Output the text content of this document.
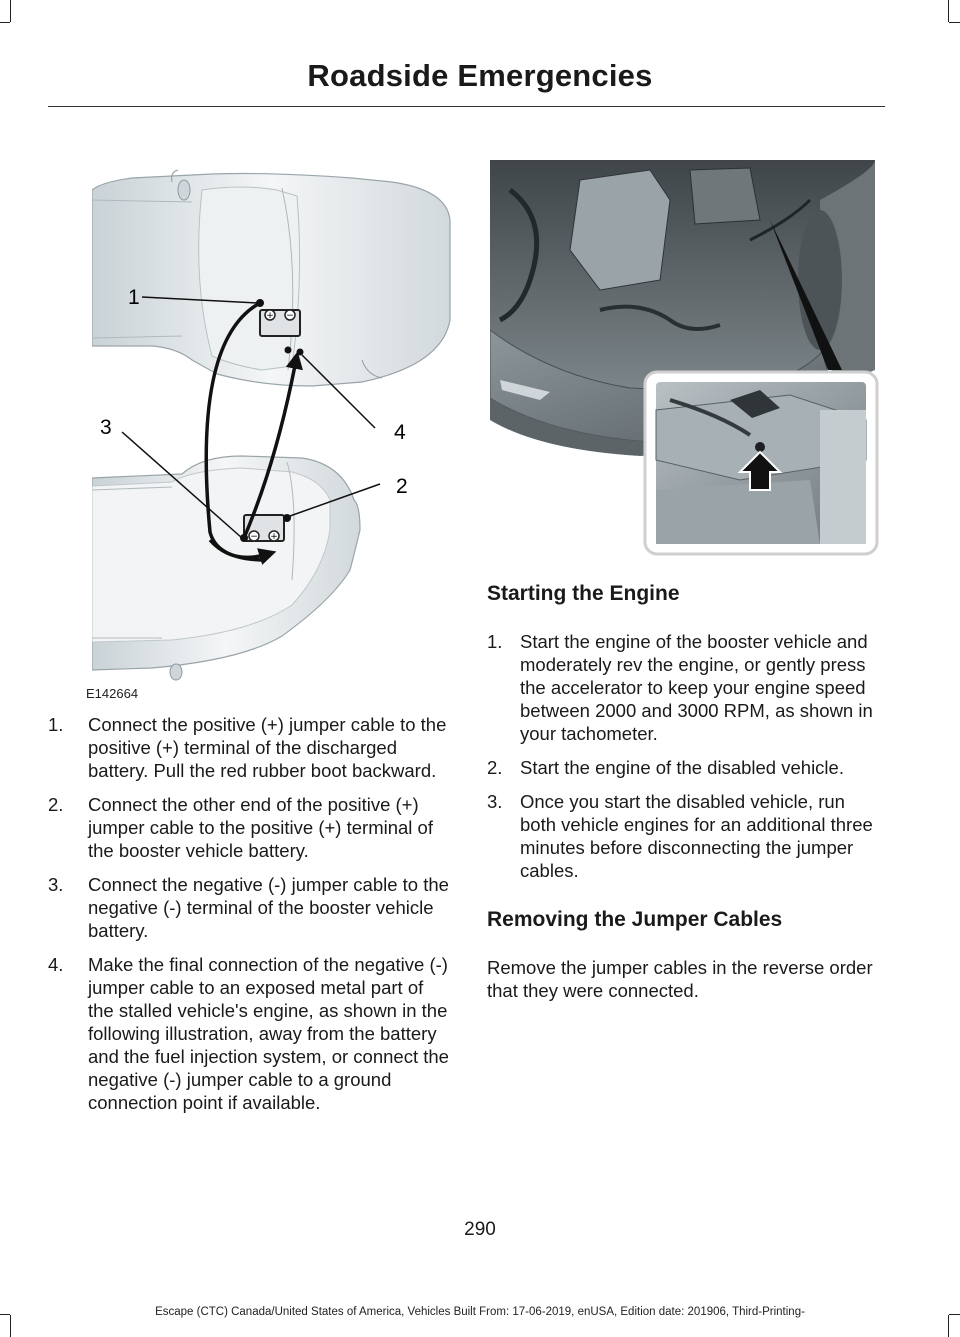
Roadside Emergencies
+ −
− +
1
2
3	4
E142664
1. Connect the positive (+) jumper cable to the positive (+) terminal of the discharged battery. Pull the red rubber boot backward.
2. Connect the other end of the positive (+) jumper cable to the positive (+) terminal of the booster vehicle battery.
3. Connect the negative (-) jumper cable to the negative (-) terminal of the booster vehicle battery.
4. Make the final connection of the negative (-) jumper cable to an exposed metal part of the stalled vehicle's engine, as shown in the following illustration, away from the battery and the fuel injection system, or connect the negative (-) jumper cable to a ground connection point if available.
Starting the Engine
1. Start the engine of the booster vehicle and moderately rev the engine, or gently press the accelerator to keep your engine speed between 2000 and 3000 RPM, as shown in your tachometer.
2. Start the engine of the disabled vehicle.
3. Once you start the disabled vehicle, run both vehicle engines for an additional three minutes before disconnecting the jumper cables.
Removing the Jumper Cables

Remove the jumper cables in the reverse order that they were connected.

290
Escape (CTC) Canada/United States of America, Vehicles Built From: 17-06-2019, enUSA, Edition date: 201906, Third-Printing-
